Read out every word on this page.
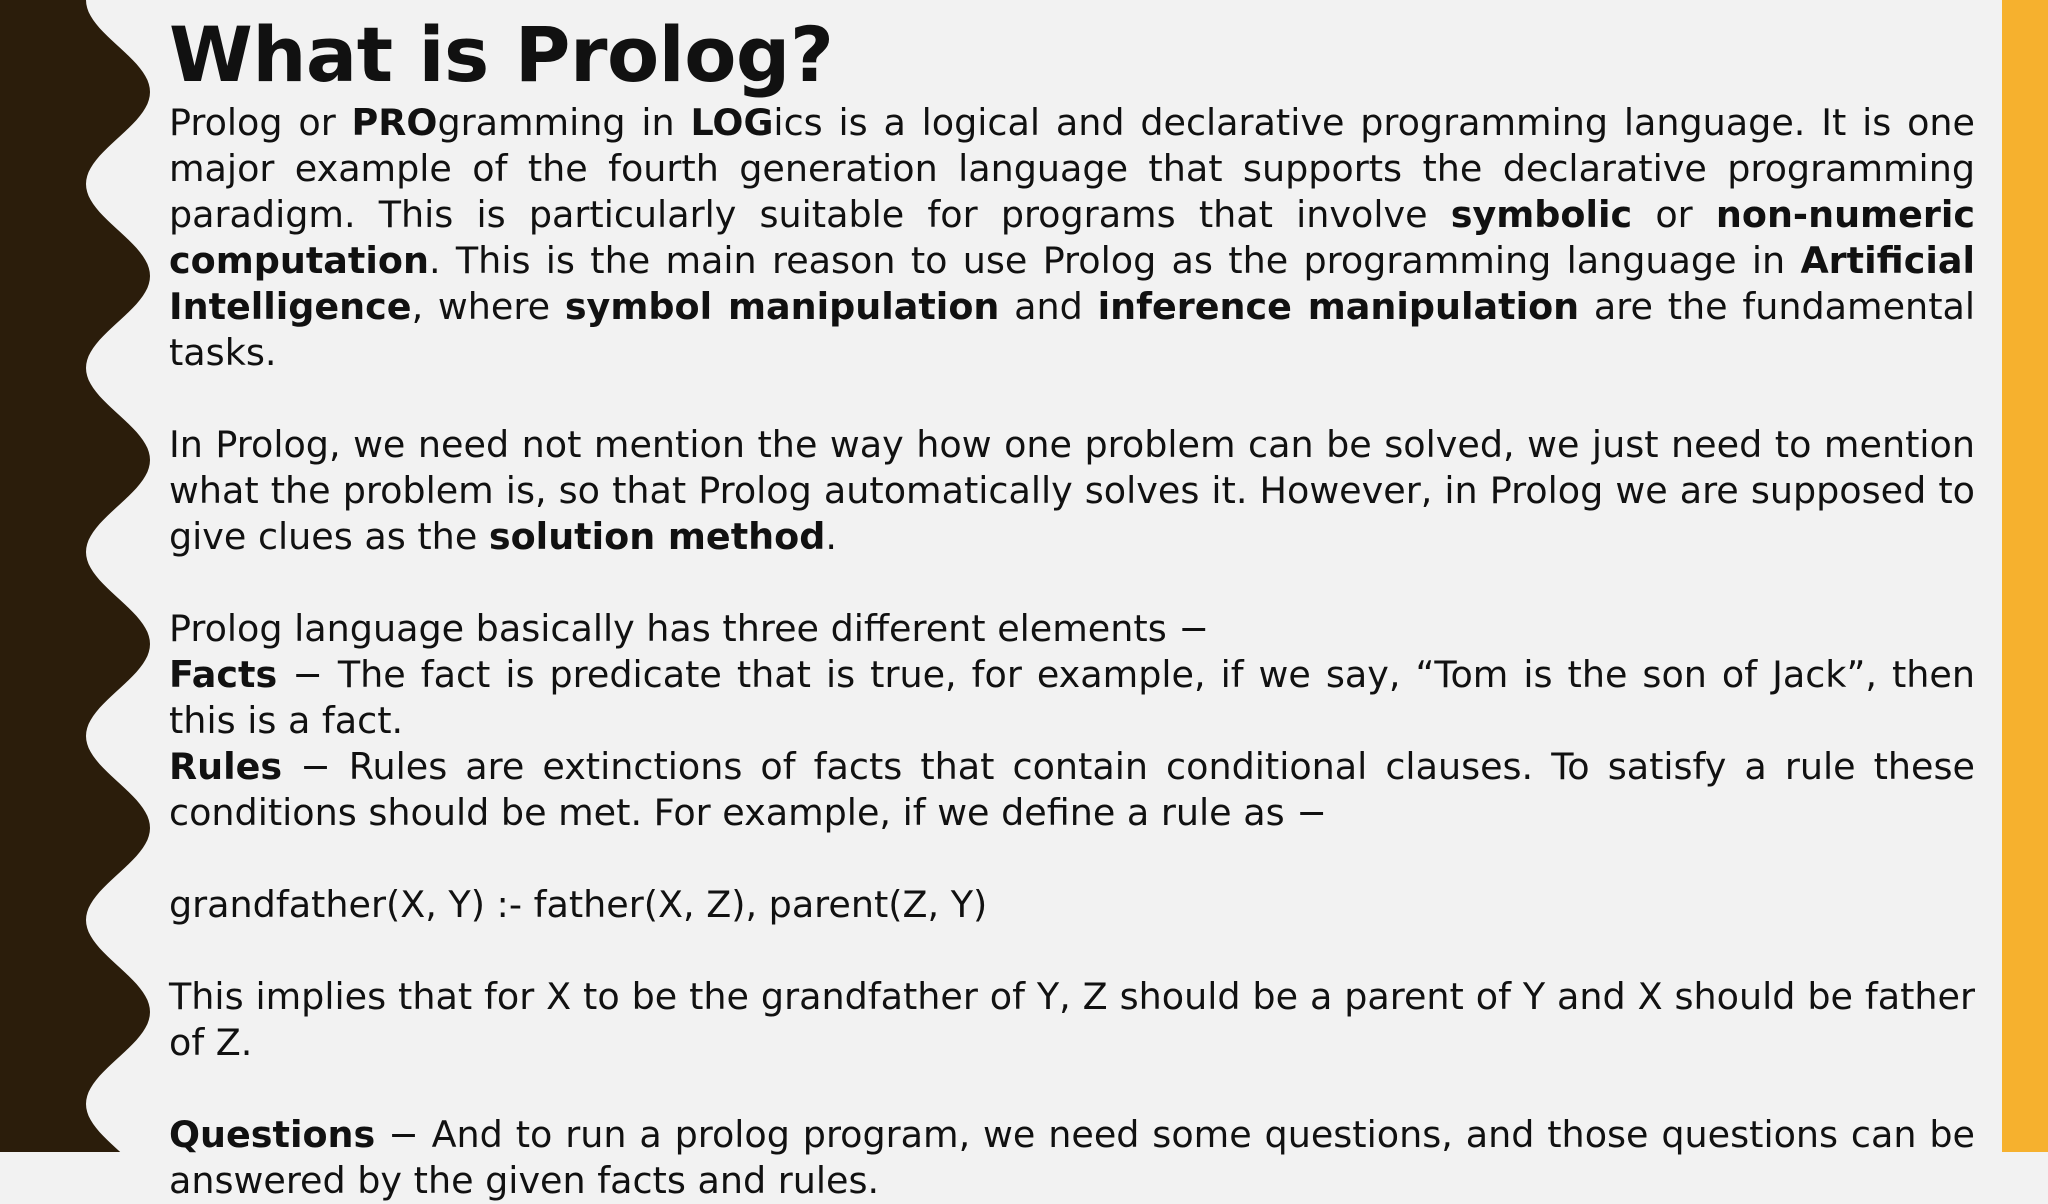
What is Prolog?

Prolog or PROgramming in LOGics is a logical and declarative programming language. It is one major example of the fourth generation language that supports the declarative programming paradigm. This is particularly suitable for programs that involve symbolic or non-numeric computation. This is the main reason to use Prolog as the programming language in Artificial Intelligence, where symbol manipulation and inference manipulation are the fundamental tasks.

In Prolog, we need not mention the way how one problem can be solved, we just need to mention what the problem is, so that Prolog automatically solves it. However, in Prolog we are supposed to give clues as the solution method.

Prolog language basically has three different elements −

Facts − The fact is predicate that is true, for example, if we say, “Tom is the son of Jack”, then this is a fact.

Rules − Rules are extinctions of facts that contain conditional clauses. To satisfy a rule these conditions should be met. For example, if we define a rule as −

grandfather(X, Y) :- father(X, Z), parent(Z, Y)

This implies that for X to be the grandfather of Y, Z should be a parent of Y and X should be father of Z.

Questions − And to run a prolog program, we need some questions, and those questions can be answered by the given facts and rules.
